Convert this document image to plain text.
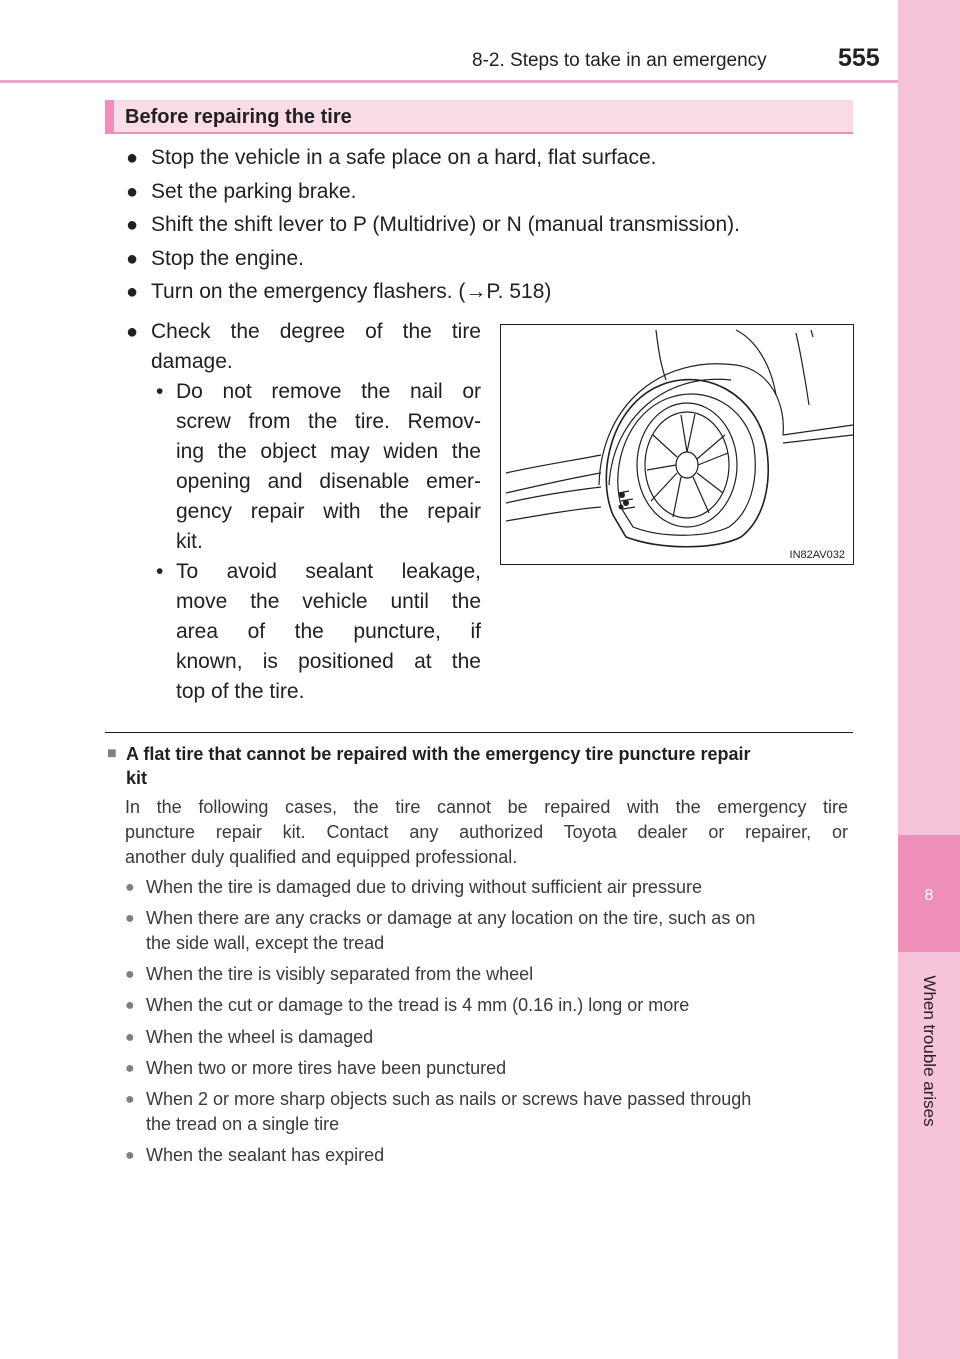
8-2. Steps to take in an emergency	555
8
When trouble arises
Before repairing the tire
● Stop the vehicle in a safe place on a hard, flat surface.
● Set the parking brake.
● Shift the shift lever to P (Multidrive) or N (manual transmission).
● Stop the engine.
● Turn on the emergency flashers. (→P. 518)
● Check the degree of the tire
damage.
• Do not remove the nail or
screw from the tire. Remov-
ing the object may widen the
opening and disenable emer-
gency repair with the repair
kit.
• To avoid sealant leakage,
move the vehicle until the
area of the puncture, if
known, is positioned at the
top of the tire.
IN82AV032
■ A flat tire that cannot be repaired with the emergency tire puncture repair
kit
In the following cases, the tire cannot be repaired with the emergency tire
puncture repair kit. Contact any authorized Toyota dealer or repairer, or
another duly qualified and equipped professional.
● When the tire is damaged due to driving without sufficient air pressure
● When there are any cracks or damage at any location on the tire, such as on
the side wall, except the tread
● When the tire is visibly separated from the wheel
● When the cut or damage to the tread is 4 mm (0.16 in.) long or more
● When the wheel is damaged
● When two or more tires have been punctured
● When 2 or more sharp objects such as nails or screws have passed through
the tread on a single tire
● When the sealant has expired
